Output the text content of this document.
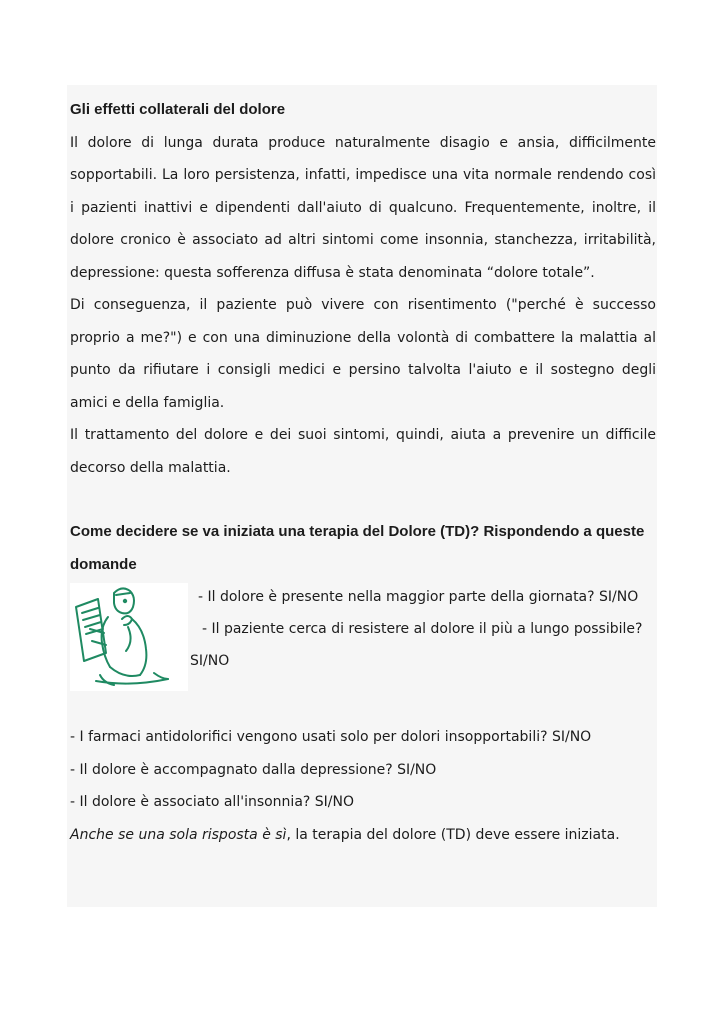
Gli effetti collaterali del dolore

Il dolore di lunga durata produce naturalmente disagio e ansia, difficilmente sopportabili. La loro persistenza, infatti, impedisce una vita normale rendendo così i pazienti inattivi e dipendenti dall'aiuto di qualcuno. Frequentemente, inoltre, il dolore cronico è associato ad altri sintomi come insonnia, stanchezza, irritabilità, depressione: questa sofferenza diffusa è stata denominata “dolore totale”.

Di conseguenza, il paziente può vivere con risentimento ("perché è successo proprio a me?") e con una diminuzione della volontà di combattere la malattia al punto da rifiutare i consigli medici e persino talvolta l'aiuto e il sostegno degli amici e della famiglia.

Il trattamento del dolore e dei suoi sintomi, quindi, aiuta a prevenire un difficile decorso della malattia.

Come decidere se va iniziata una terapia del Dolore (TD)? Rispondendo a queste domande

- Il dolore è presente nella maggior parte della giornata? SI/NO

- Il paziente cerca di resistere al dolore il più a lungo possibile?

SI/NO

- I farmaci antidolorifici vengono usati solo per dolori insopportabili? SI/NO

- Il dolore è accompagnato dalla depressione? SI/NO

- Il dolore è associato all'insonnia? SI/NO

Anche se una sola risposta è sì, la terapia del dolore (TD) deve essere iniziata.
